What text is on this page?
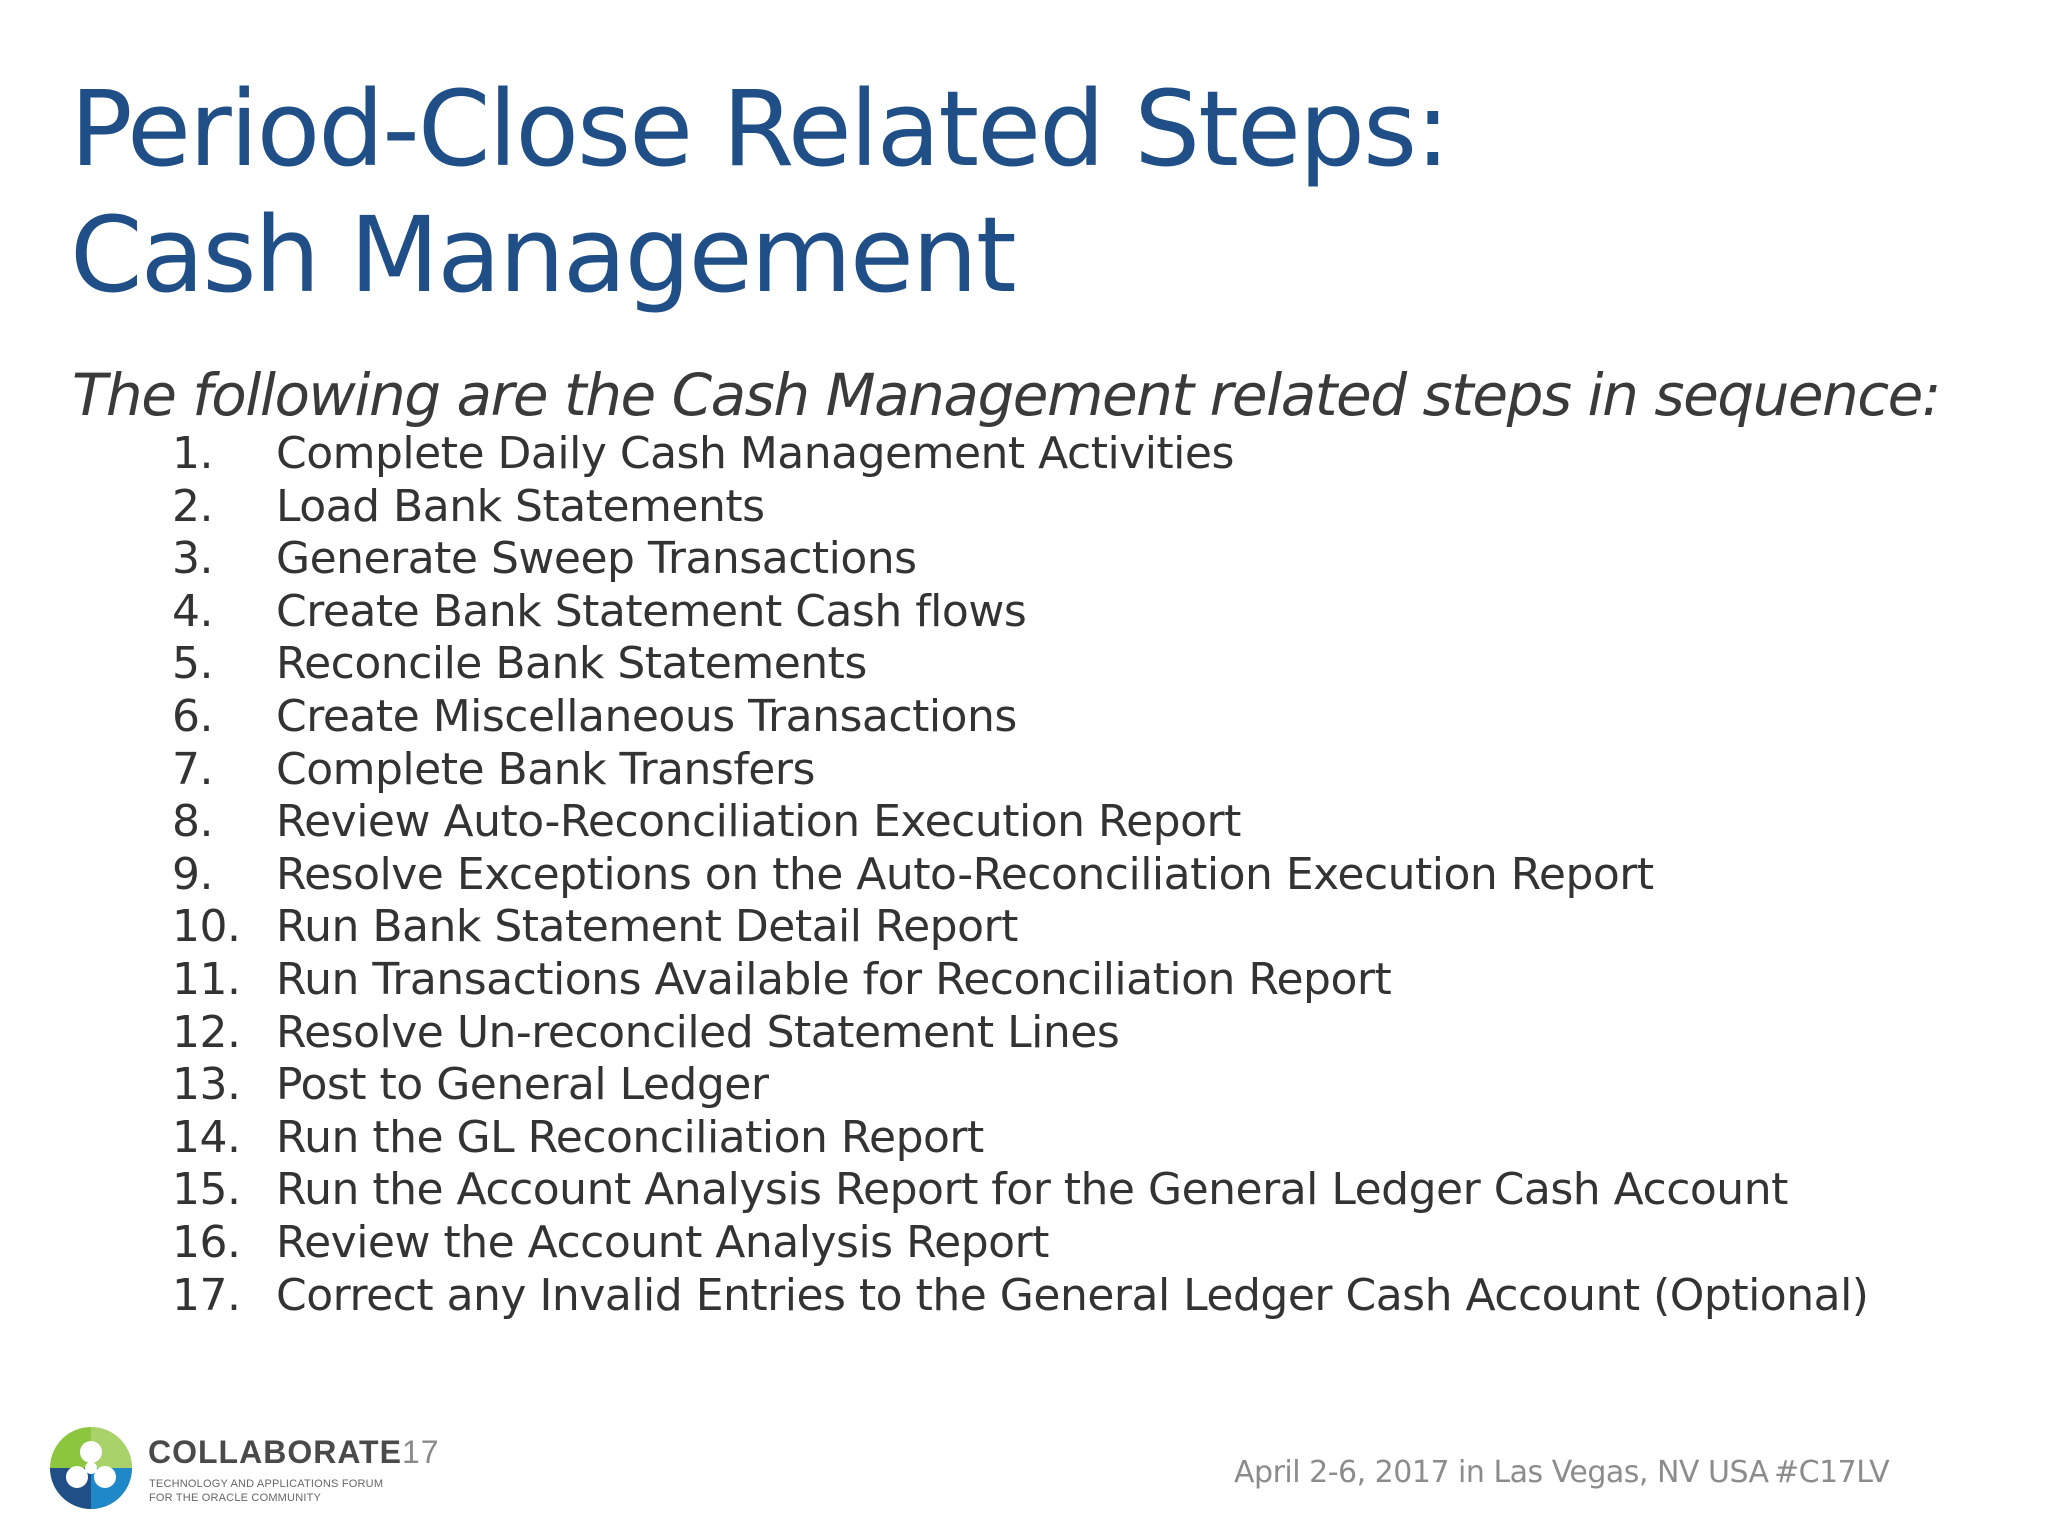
Period-Close Related Steps:
Cash Management

The following are the Cash Management related steps in sequence:

1.	Complete Daily Cash Management Activities
2.	Load Bank Statements
3.	Generate Sweep Transactions
4.	Create Bank Statement Cash flows
5.	Reconcile Bank Statements
6.	Create Miscellaneous Transactions
7.	Complete Bank Transfers
8.	Review Auto-Reconciliation Execution Report
9.	Resolve Exceptions on the Auto-Reconciliation Execution Report
10. Run Bank Statement Detail Report
11. Run Transactions Available for Reconciliation Report
12. Resolve Un-reconciled Statement Lines
13. Post to General Ledger
14. Run the GL Reconciliation Report
15. Run the Account Analysis Report for the General Ledger Cash Account
16. Review the Account Analysis Report
17. Correct any Invalid Entries to the General Ledger Cash Account (Optional)
COLLABORATE17
TECHNOLOGY AND APPLICATIONS FORUM
FOR THE ORACLE COMMUNITY
April 2-6, 2017 in Las Vegas, NV USA #C17LV
